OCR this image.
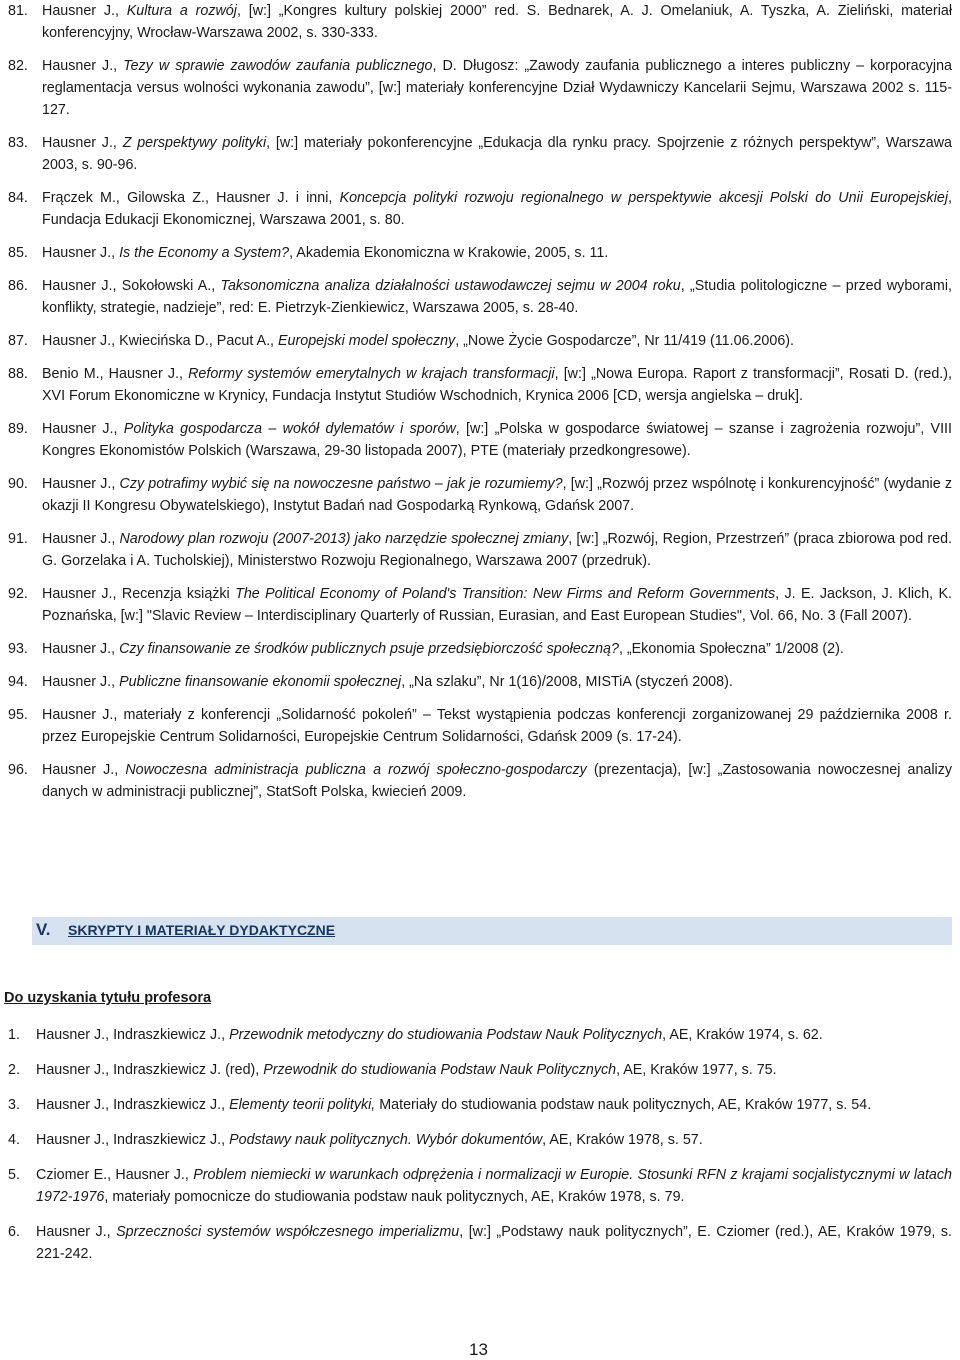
81. Hausner J., Kultura a rozwój, [w:] „Kongres kultury polskiej 2000” red. S. Bednarek, A. J. Omelaniuk, A. Tyszka, A. Zieliński, materiał konferencyjny, Wrocław-Warszawa 2002, s. 330-333.
82. Hausner J., Tezy w sprawie zawodów zaufania publicznego, D. Długosz: „Zawody zaufania publicznego a interes publiczny – korporacyjna reglamentacja versus wolności wykonania zawodu”, [w:] materiały konferencyjne Dział Wydawniczy Kancelarii Sejmu, Warszawa 2002 s. 115-127.
83. Hausner J., Z perspektywy polityki, [w:] materiały pokonferencyjne „Edukacja dla rynku pracy. Spojrzenie z różnych perspektyw”, Warszawa 2003, s. 90-96.
84. Frączek M., Gilowska Z., Hausner J. i inni, Koncepcja polityki rozwoju regionalnego w perspektywie akcesji Polski do Unii Europejskiej, Fundacja Edukacji Ekonomicznej, Warszawa 2001, s. 80.
85. Hausner J., Is the Economy a System?, Akademia Ekonomiczna w Krakowie, 2005, s. 11.
86. Hausner J., Sokołowski A., Taksonomiczna analiza działalności ustawodawczej sejmu w 2004 roku, „Studia politologiczne – przed wyborami, konflikty, strategie, nadzieje”, red: E. Pietrzyk-Zienkiewicz, Warszawa 2005, s. 28-40.
87. Hausner J., Kwiecińska D., Pacut A., Europejski model społeczny, „Nowe Życie Gospodarcze”, Nr 11/419 (11.06.2006).
88. Benio M., Hausner J., Reformy systemów emerytalnych w krajach transformacji, [w:] „Nowa Europa. Raport z transformacji”, Rosati D. (red.), XVI Forum Ekonomiczne w Krynicy, Fundacja Instytut Studiów Wschodnich, Krynica 2006 [CD, wersja angielska – druk].
89. Hausner J., Polityka gospodarcza – wokół dylematów i sporów, [w:] „Polska w gospodarce światowej – szanse i zagrożenia rozwoju”, VIII Kongres Ekonomistów Polskich (Warszawa, 29-30 listopada 2007), PTE (materiały przedkongresowe).
90. Hausner J., Czy potrafimy wybić się na nowoczesne państwo – jak je rozumiemy?, [w:] „Rozwój przez wspólnotę i konkurencyjność” (wydanie z okazji II Kongresu Obywatelskiego), Instytut Badań nad Gospodarką Rynkową, Gdańsk 2007.
91. Hausner J., Narodowy plan rozwoju (2007-2013) jako narzędzie społecznej zmiany, [w:] „Rozwój, Region, Przestrzeń” (praca zbiorowa pod red. G. Gorzelaka i A. Tucholskiej), Ministerstwo Rozwoju Regionalnego, Warszawa 2007 (przedruk).
92. Hausner J., Recenzja książki The Political Economy of Poland's Transition: New Firms and Reform Governments, J. E. Jackson, J. Klich, K. Poznańska, [w:] "Slavic Review – Interdisciplinary Quarterly of Russian, Eurasian, and East European Studies", Vol. 66, No. 3 (Fall 2007).
93. Hausner J., Czy finansowanie ze środków publicznych psuje przedsiębiorczość społeczną?, „Ekonomia Społeczna” 1/2008 (2).
94. Hausner J., Publiczne finansowanie ekonomii społecznej, „Na szlaku”, Nr 1(16)/2008, MISTiA (styczeń 2008).
95. Hausner J., materiały z konferencji „Solidarność pokoleń” – Tekst wystąpienia podczas konferencji zorganizowanej 29 października 2008 r. przez Europejskie Centrum Solidarności, Europejskie Centrum Solidarności, Gdańsk 2009 (s. 17-24).
96. Hausner J., Nowoczesna administracja publiczna a rozwój społeczno-gospodarczy (prezentacja), [w:] „Zastosowania nowoczesnej analizy danych w administracji publicznej”, StatSoft Polska, kwiecień 2009.
V. SKRYPTY I MATERIAŁY DYDAKTYCZNE
Do uzyskania tytułu profesora
1.	Hausner J., Indraszkiewicz J., Przewodnik metodyczny do studiowania Podstaw Nauk Politycznych, AE, Kraków 1974, s. 62.
2.	Hausner J., Indraszkiewicz J. (red), Przewodnik do studiowania Podstaw Nauk Politycznych, AE, Kraków 1977, s. 75.
3.	Hausner J., Indraszkiewicz J., Elementy teorii polityki, Materiały do studiowania podstaw nauk politycznych, AE, Kraków 1977, s. 54.
4.	Hausner J., Indraszkiewicz J., Podstawy nauk politycznych. Wybór dokumentów, AE, Kraków 1978, s. 57.
5.	Cziomer E., Hausner J., Problem niemiecki w warunkach odprężenia i normalizacji w Europie. Stosunki RFN z krajami socjalistycznymi w latach 1972-1976, materiały pomocnicze do studiowania podstaw nauk politycznych, AE, Kraków 1978, s. 79.
6.	Hausner J., Sprzeczności systemów współczesnego imperializmu, [w:] „Podstawy nauk politycznych”, E. Cziomer (red.), AE, Kraków 1979, s. 221-242.
13
